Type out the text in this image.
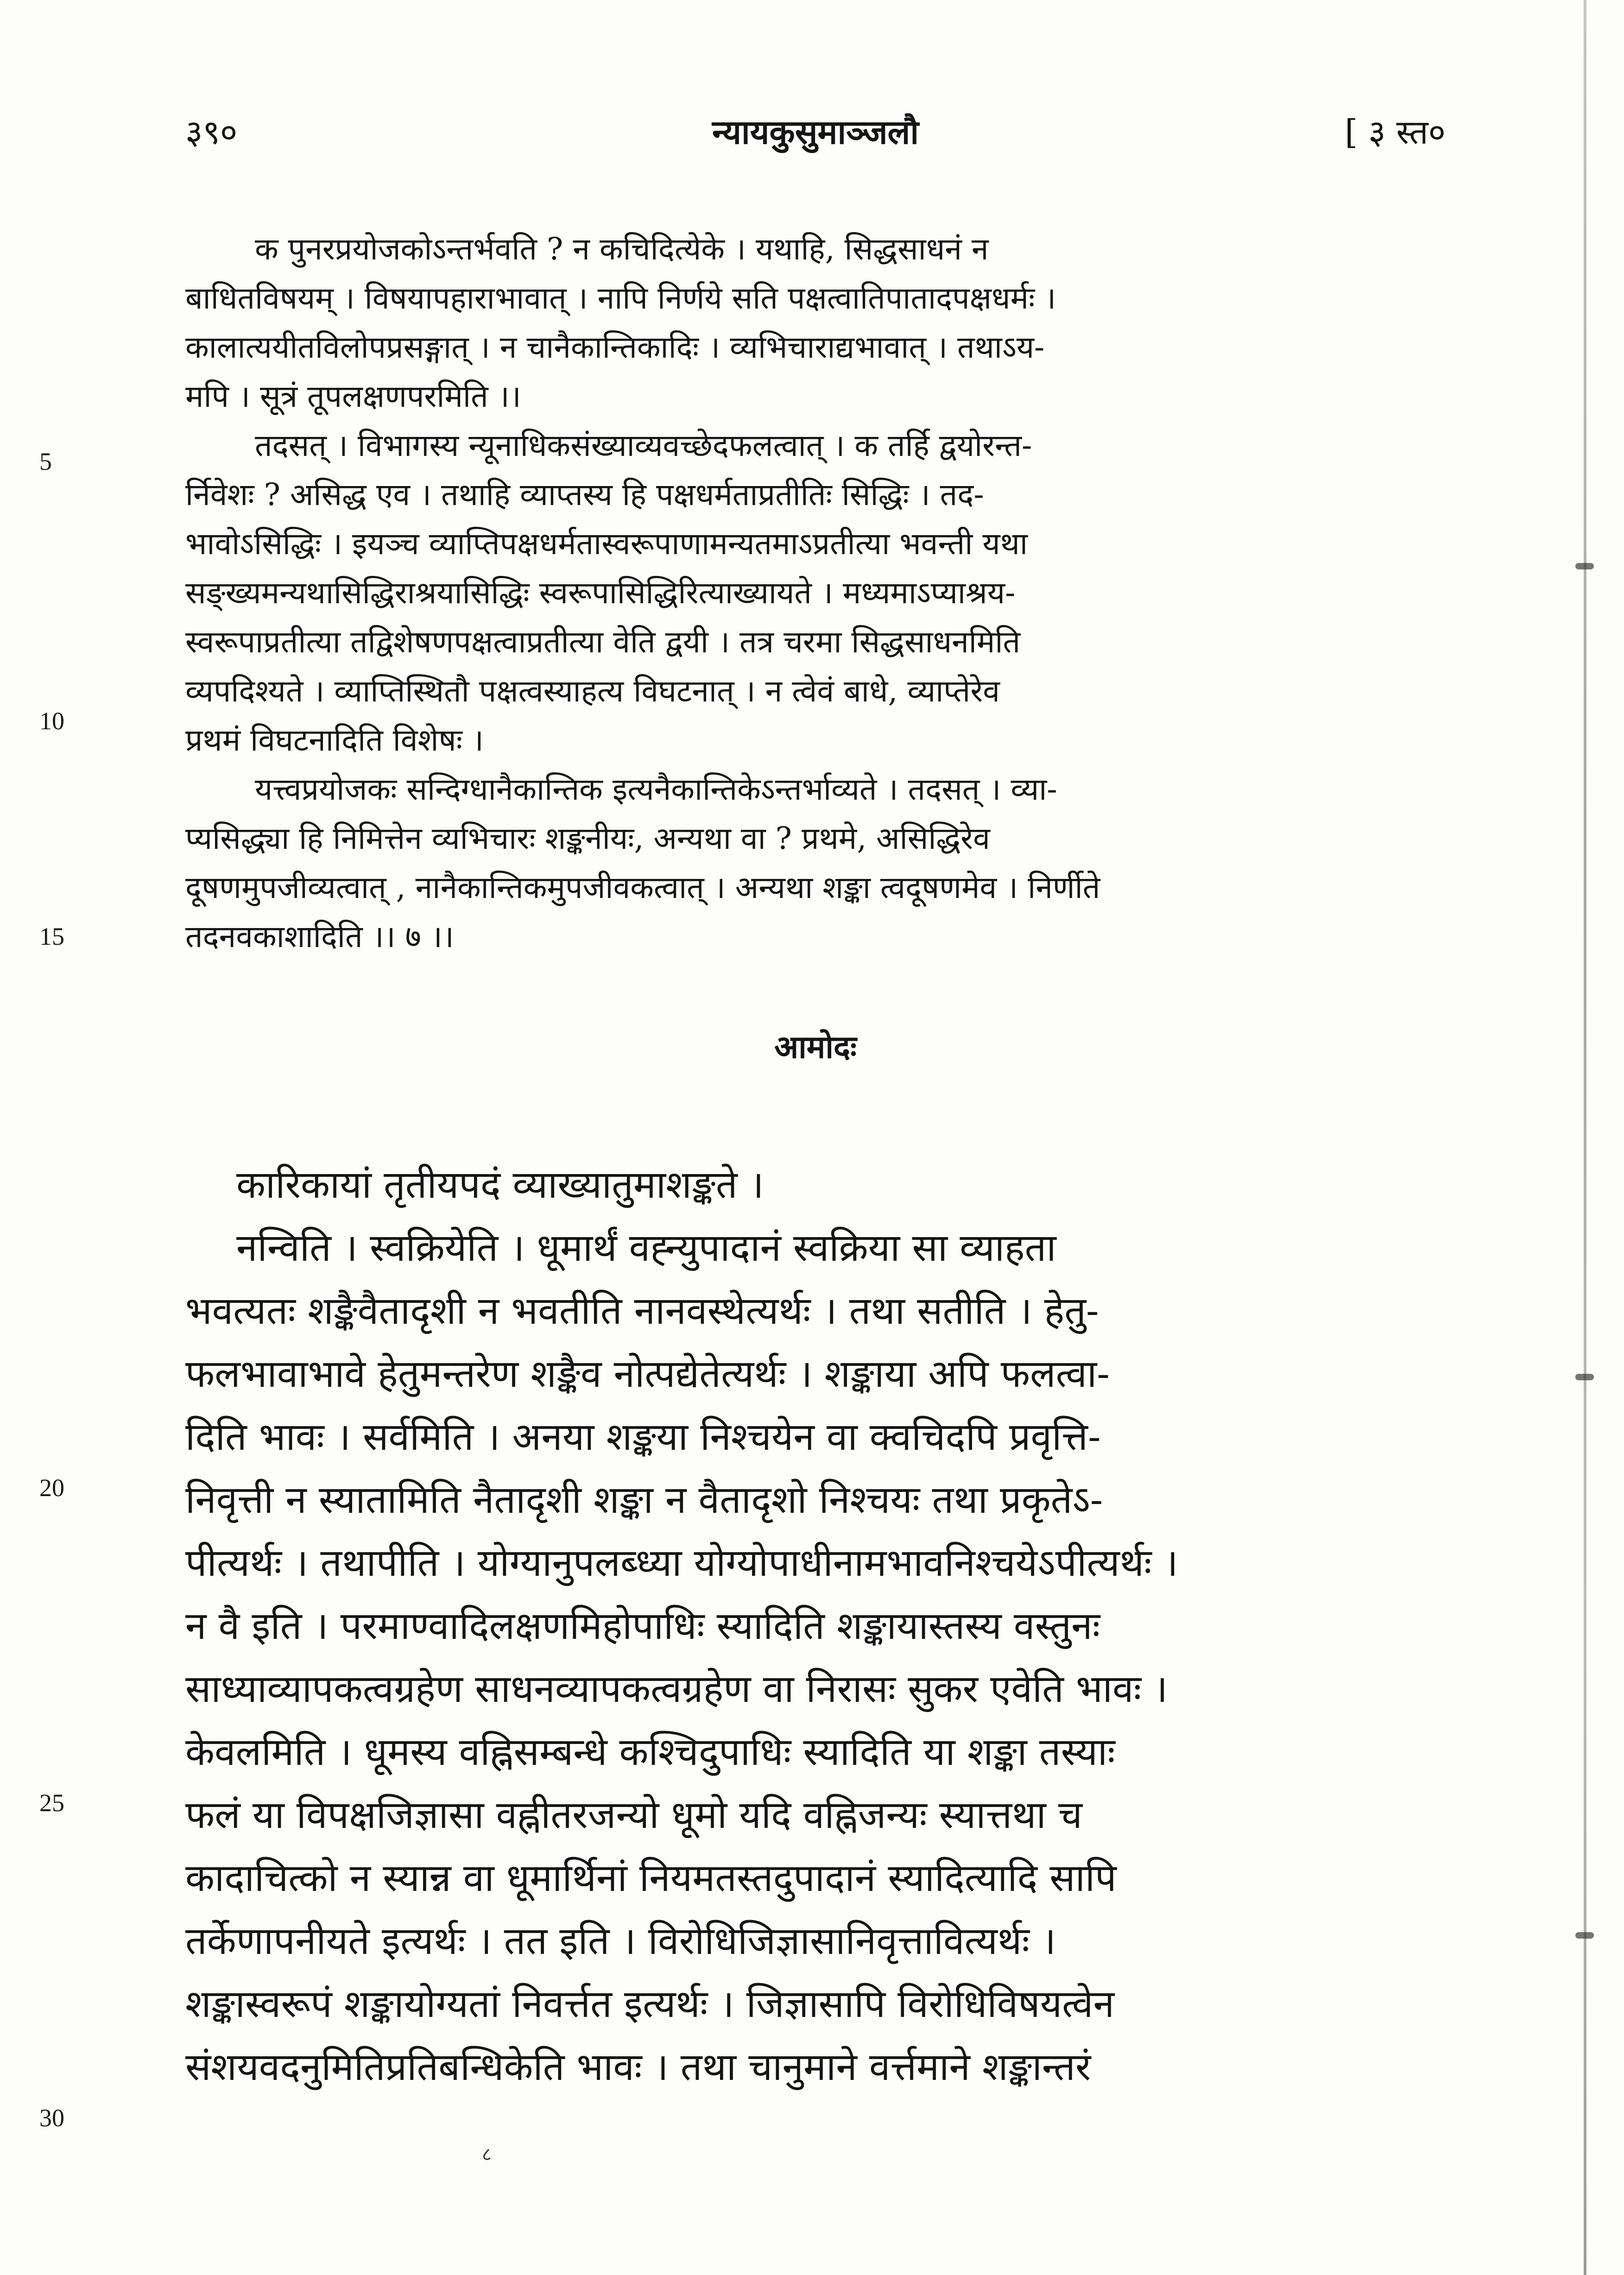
३९०	न्यायकुसुमाञ्जलौ	[ ३ स्त०
क पुनरप्रयोजकोऽन्तर्भवति ? न कचिदित्येके । यथाहि, सिद्धसाधनं न
बाधितविषयम् । विषयापहाराभावात् । नापि निर्णये सति पक्षत्वातिपातादपक्षधर्मः ।
कालात्ययीतविलोपप्रसङ्गात् । न चानैकान्तिकादिः । व्यभिचाराद्यभावात् । तथाऽय-
मपि । सूत्रं तूपलक्षणपरमिति ।।
तदसत् । विभागस्य न्यूनाधिकसंख्याव्यवच्छेदफलत्वात् । क तर्हि द्वयोरन्त-
र्निवेशः ? असिद्ध एव । तथाहि व्याप्तस्य हि पक्षधर्मताप्रतीतिः सिद्धिः । तद-
भावोऽसिद्धिः । इयञ्च व्याप्तिपक्षधर्मतास्वरूपाणामन्यतमाऽप्रतीत्या भवन्ती यथा
सङ्ख्यमन्यथासिद्धिराश्रयासिद्धिः स्वरूपासिद्धिरित्याख्यायते । मध्यमाऽप्याश्रय-
स्वरूपाप्रतीत्या तद्विशेषणपक्षत्वाप्रतीत्या वेति द्वयी । तत्र चरमा सिद्धसाधनमिति
व्यपदिश्यते । व्याप्तिस्थितौ पक्षत्वस्याहत्य विघटनात् । न त्वेवं बाधे, व्याप्तेरेव
प्रथमं विघटनादिति विशेषः ।
यत्त्वप्रयोजकः सन्दिग्धानैकान्तिक इत्यनैकान्तिकेऽन्तर्भाव्यते । तदसत् । व्या-
प्यसिद्ध्या हि निमित्तेन व्यभिचारः शङ्कनीयः, अन्यथा वा ? प्रथमे, असिद्धिरेव
दूषणमुपजीव्यत्वात् , नानैकान्तिकमुपजीवकत्वात् । अन्यथा शङ्का त्वदूषणमेव । निर्णीते
तदनवकाशादिति ।। ७ ।।
5
10
15
आमोदः
कारिकायां तृतीयपदं व्याख्यातुमाशङ्कते ।
नन्विति । स्वक्रियेति । धूमार्थं वह्न्युपादानं स्वक्रिया सा व्याहता
भवत्यतः शङ्कैवैतादृशी न भवतीति नानवस्थेत्यर्थः । तथा सतीति । हेतु-
फलभावाभावे हेतुमन्तरेण शङ्कैव नोत्पद्येतेत्यर्थः । शङ्काया अपि फलत्वा-
दिति भावः । सर्वमिति । अनया शङ्कया निश्चयेन वा क्वचिदपि प्रवृत्ति-
निवृत्ती न स्यातामिति नैतादृशी शङ्का न वैतादृशो निश्चयः तथा प्रकृतेऽ-
पीत्यर्थः । तथापीति । योग्यानुपलब्ध्या योग्योपाधीनामभावनिश्चयेऽपीत्यर्थः ।
न वै इति । परमाण्वादिलक्षणमिहोपाधिः स्यादिति शङ्कायास्तस्य वस्तुनः
साध्याव्यापकत्वग्रहेण साधनव्यापकत्वग्रहेण वा निरासः सुकर एवेति भावः ।
केवलमिति । धूमस्य वह्निसम्बन्धे कश्चिदुपाधिः स्यादिति या शङ्का तस्याः
फलं या विपक्षजिज्ञासा वह्नीतरजन्यो धूमो यदि वह्निजन्यः स्यात्तथा च
कादाचित्को न स्यान्न वा धूमार्थिनां नियमतस्तदुपादानं स्यादित्यादि सापि
तर्केणापनीयते इत्यर्थः । तत इति । विरोधिजिज्ञासानिवृत्तावित्यर्थः ।
शङ्कास्वरूपं शङ्कायोग्यतां निवर्त्तत इत्यर्थः । जिज्ञासापि विरोधिविषयत्वेन
संशयवदनुमितिप्रतिबन्धिकेति भावः । तथा चानुमाने वर्त्तमाने शङ्कान्तरं
20
25
30
८
